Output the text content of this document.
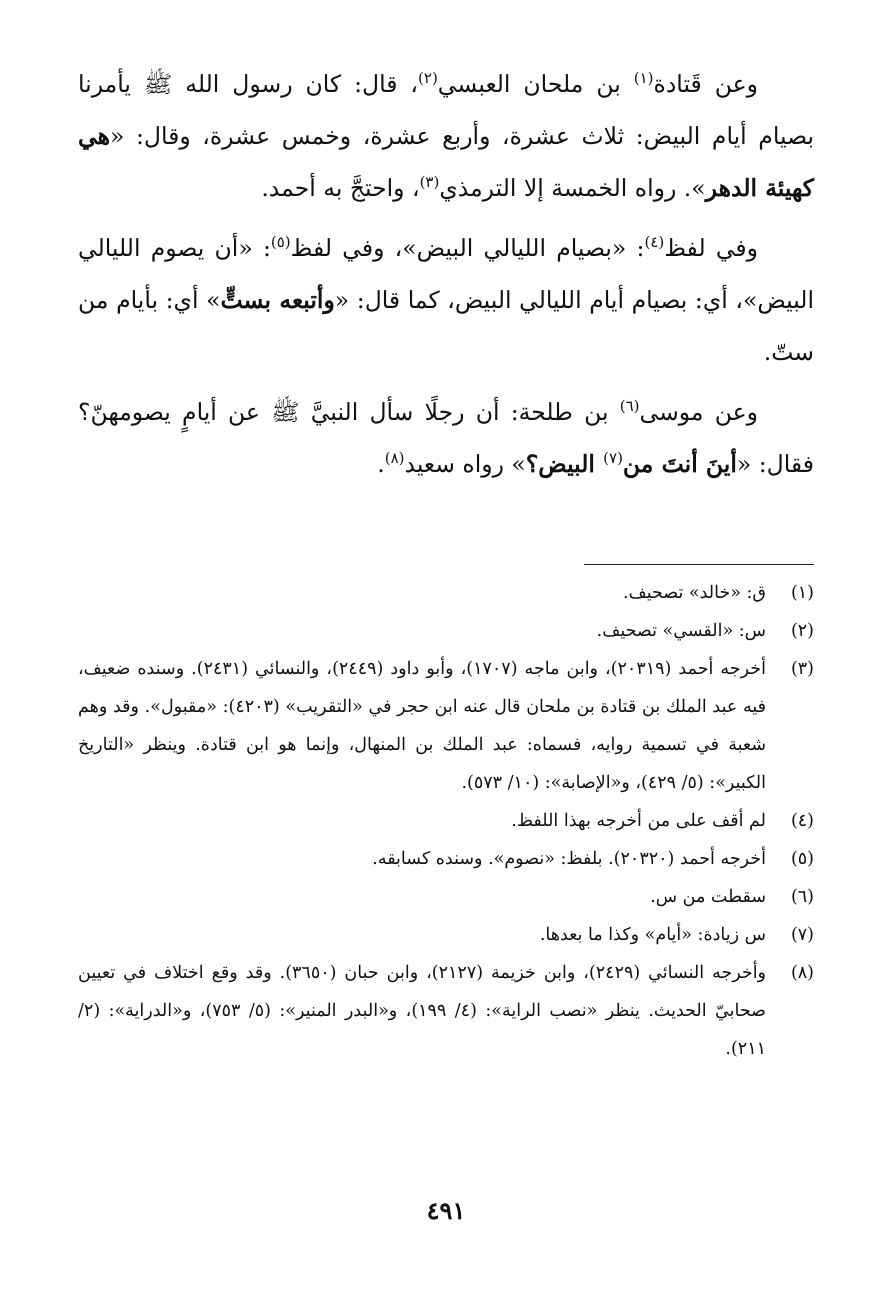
وعن قَتادة$^{(١)}$ بن ملحان العبسي$^{(٢)}$، قال: كان رسول الله ﷺ يأمرنا بصيام أيام البيض: ثلاث عشرة، وأربع عشرة، وخمس عشرة، وقال: «هي كهيئة الدهر». رواه الخمسة إلا الترمذي$^{(٣)}$، واحتجَّ به أحمد.

وفي لفظ$^{(٤)}$: «بصيام الليالي البيض»، وفي لفظ$^{(٥)}$: «أن يصوم الليالي البيض»، أي: بصيام أيام الليالي البيض، كما قال: «وأتبعه بستٍّ» أي: بأيام من ستّ.

وعن موسى$^{(٦)}$ بن طلحة: أن رجلًا سأل النبيَّ ﷺ عن أيامٍ يصومهنّ؟ فقال: «أينَ أنتَ من$^{(٧)}$ البيض؟» رواه سعيد$^{(٨)}$.

(١)
ق: «خالد» تصحيف.
(٢)
س: «القسي» تصحيف.
(٣)
أخرجه أحمد (٢٠٣١٩)، وابن ماجه (١٧٠٧)، وأبو داود (٢٤٤٩)، والنسائي (٢٤٣١). وسنده ضعيف، فيه عبد الملك بن قتادة بن ملحان قال عنه ابن حجر في «التقريب» (٤٢٠٣): «مقبول». وقد وهم شعبة في تسمية روايه، فسماه: عبد الملك بن المنهال، وإنما هو ابن قتادة. وينظر «التاريخ الكبير»: (٥/ ٤٢٩)، و«الإصابة»: (١٠/ ٥٧٣).
(٤)
لم أقف على من أخرجه بهذا اللفظ.
(٥)
أخرجه أحمد (٢٠٣٢٠). بلفظ: «نصوم». وسنده كسابقه.
(٦)
سقطت من س.
(٧)
س زيادة: «أيام» وكذا ما بعدها.
(٨)
وأخرجه النسائي (٢٤٢٩)، وابن خزيمة (٢١٢٧)، وابن حبان (٣٦٥٠). وقد وقع اختلاف في تعيين صحابيّ الحديث. ينظر «نصب الراية»: (٤/ ١٩٩)، و«البدر المنير»: (٥/ ٧٥٣)، و«الدراية»: (٢/ ٢١١).
٤٩١
